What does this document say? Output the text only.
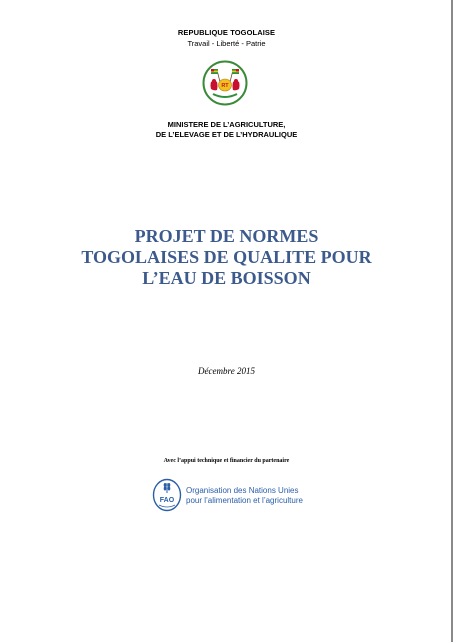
REPUBLIQUE TOGOLAISE
Travail - Liberté - Patrie
RT
MINISTERE DE L’AGRICULTURE,
DE L’ELEVAGE ET DE L’HYDRAULIQUE
PROJET DE NORMES
TOGOLAISES DE QUALITE POUR
L’EAU DE BOISSON
Décembre 2015
Avec l’appui technique et financier du partenaire
FAO
Organisation des Nations Unies
pour l’alimentation et l’agriculture
